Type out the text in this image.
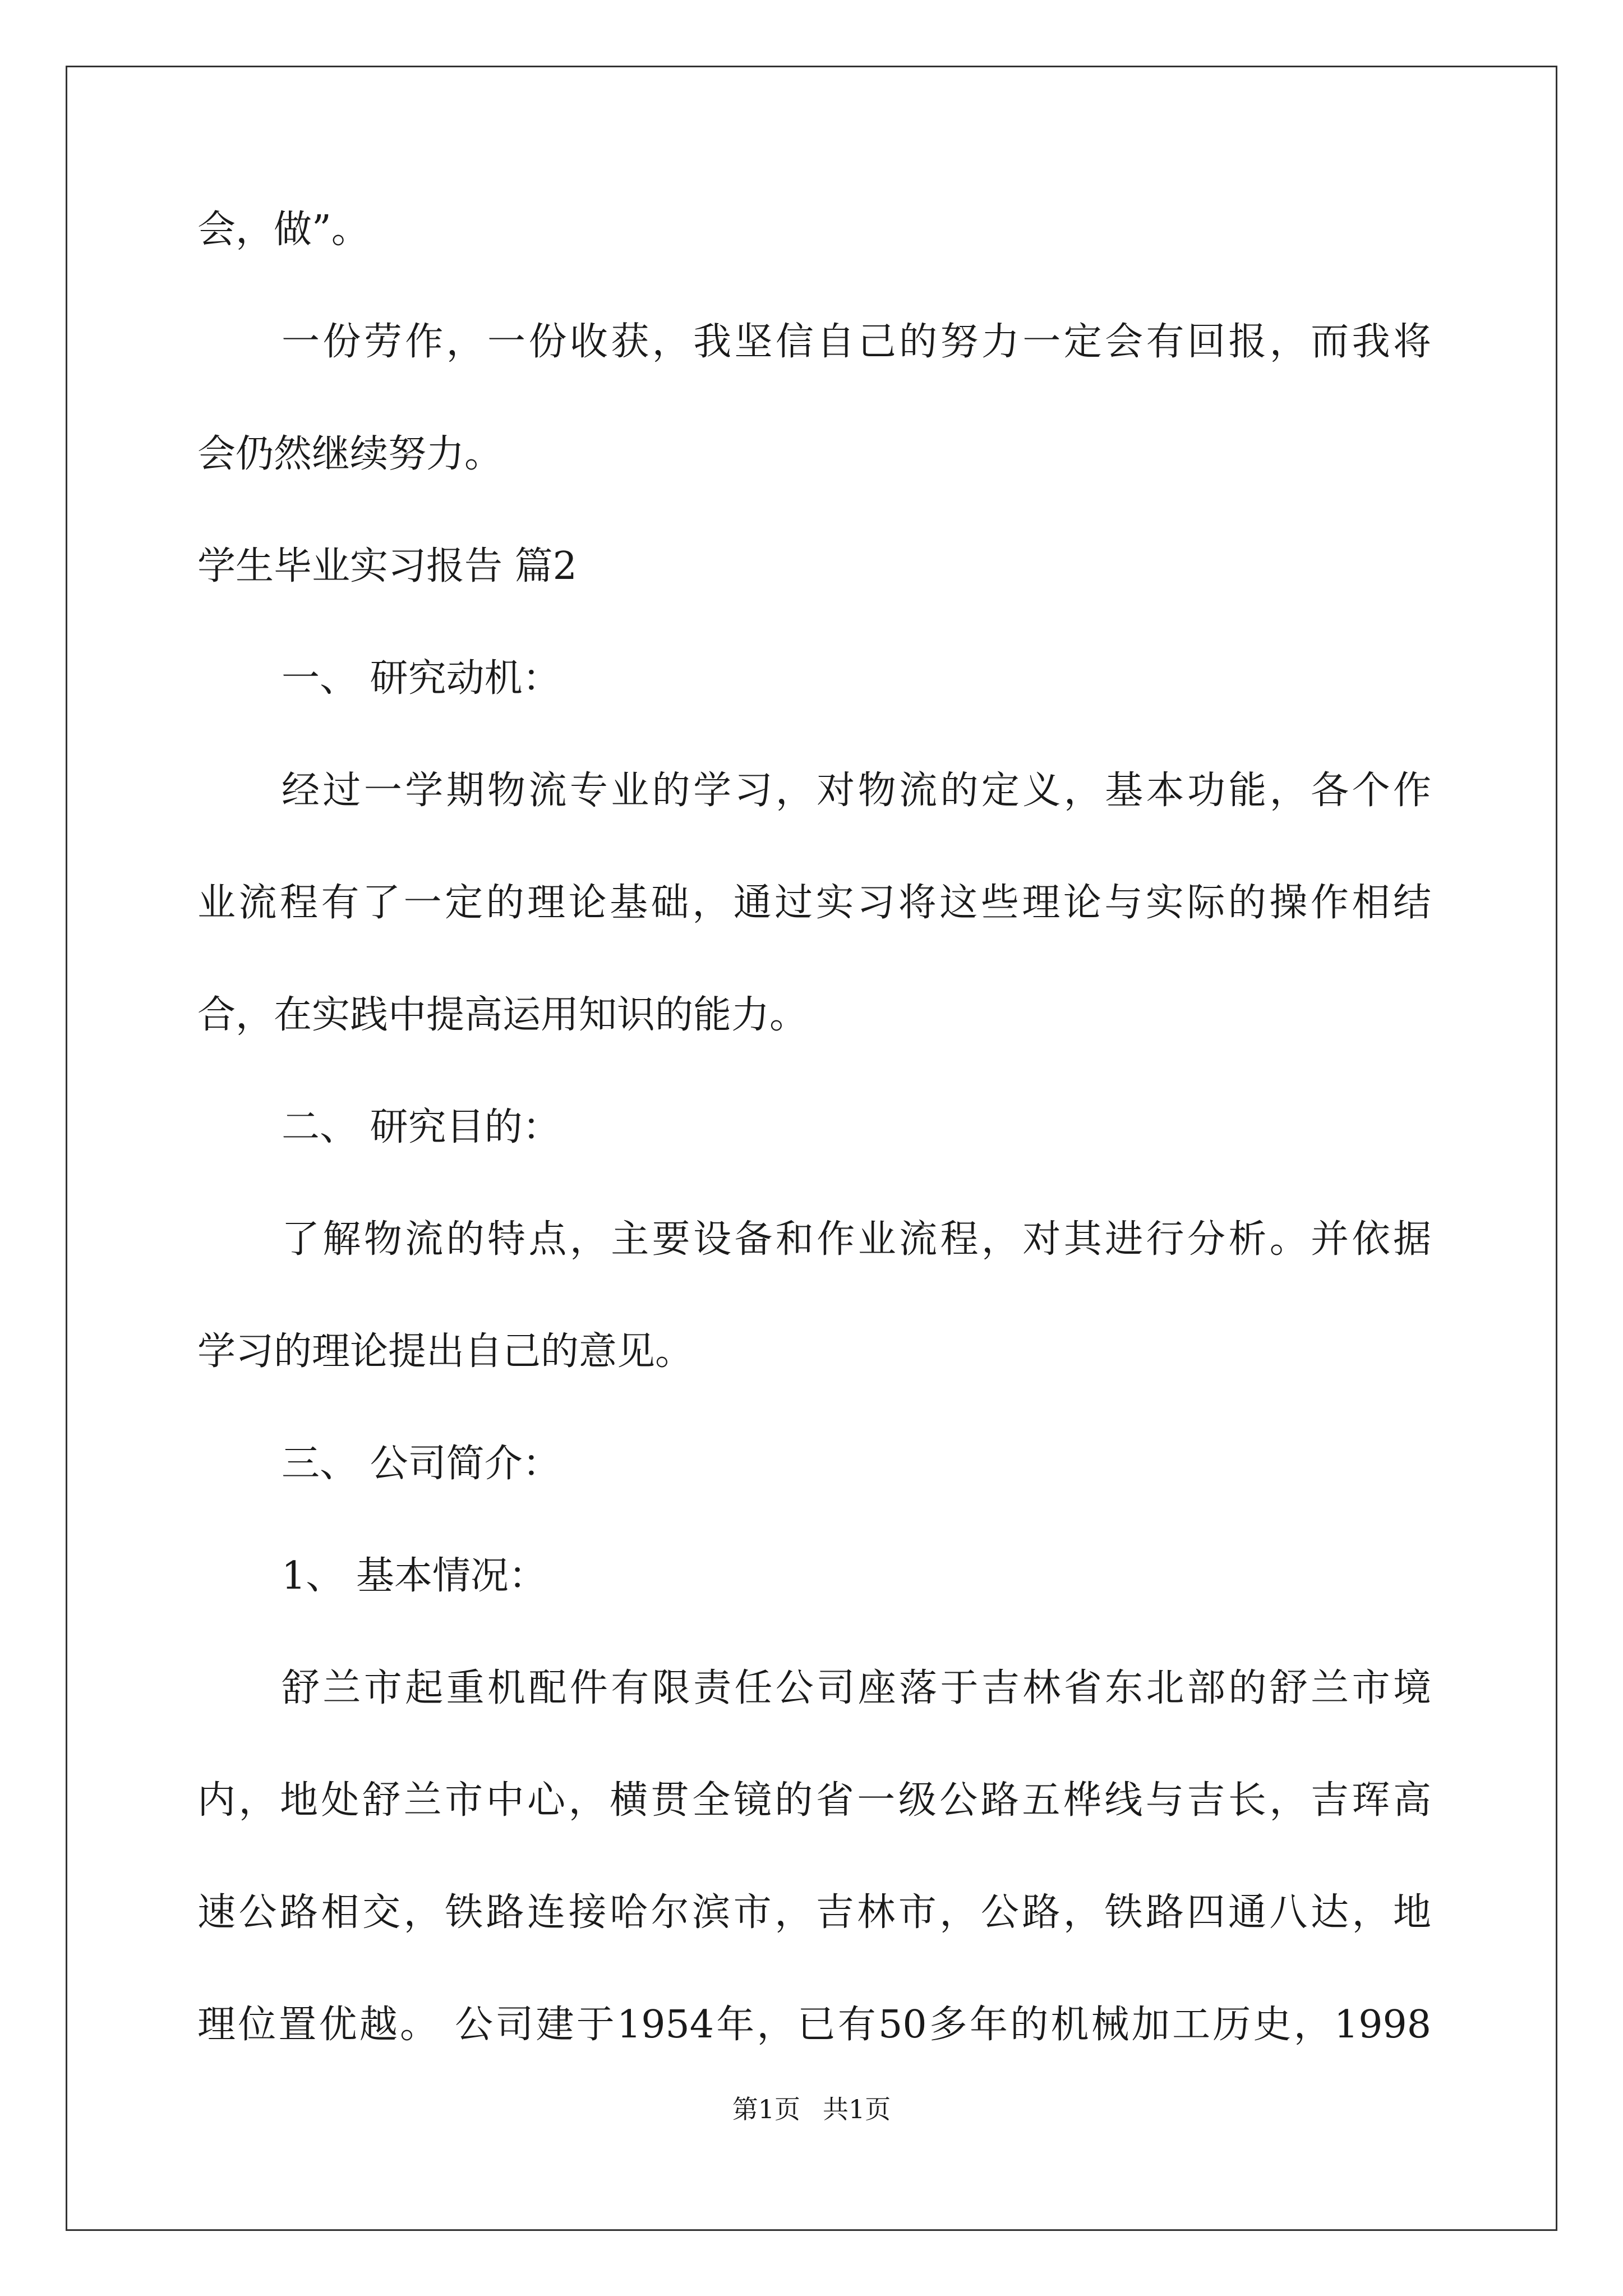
会，做”。
一份劳作，一份收获，我坚信自己的努力一定会有回报，而我将
会仍然继续努力。
学生毕业实习报告 篇2
一、 研究动机：
经过一学期物流专业的学习，对物流的定义，基本功能，各个作
业流程有了一定的理论基础，通过实习将这些理论与实际的操作相结
合，在实践中提高运用知识的能力。
二、 研究目的：
了解物流的特点，主要设备和作业流程，对其进行分析。并依据
学习的理论提出自己的意见。
三、 公司简介：
1、 基本情况：
舒兰市起重机配件有限责任公司座落于吉林省东北部的舒兰市境
内，地处舒兰市中心，横贯全镜的省一级公路五桦线与吉长，吉珲高
速公路相交，铁路连接哈尔滨市，吉林市，公路，铁路四通八达，地
理位置优越。 公司建于1954年，已有50多年的机械加工历史，1998
第1页 共1页
